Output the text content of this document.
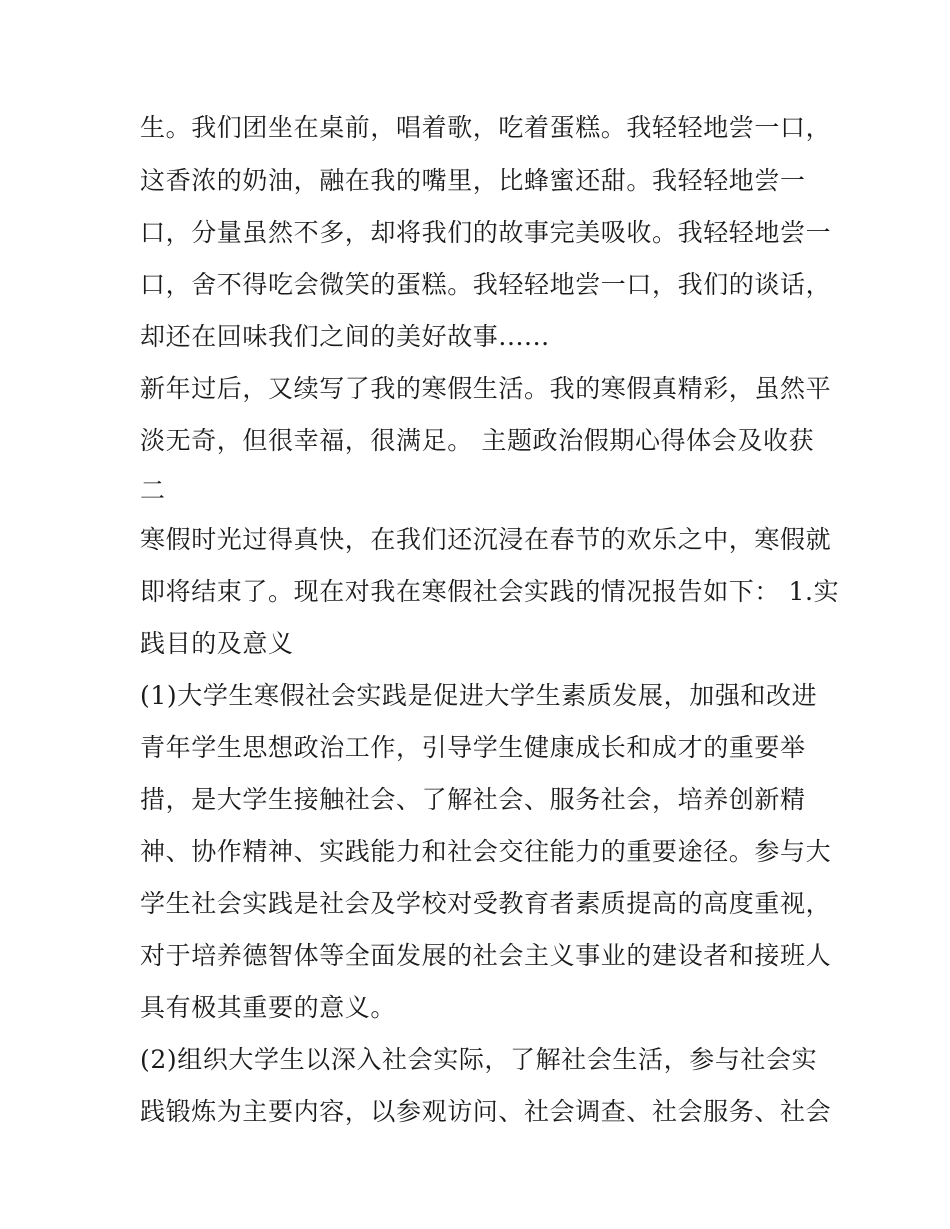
生。我们团坐在桌前，唱着歌，吃着蛋糕。我轻轻地尝一口，
这香浓的奶油，融在我的嘴里，比蜂蜜还甜。我轻轻地尝一
口，分量虽然不多，却将我们的故事完美吸收。我轻轻地尝一
口，舍不得吃会微笑的蛋糕。我轻轻地尝一口，我们的谈话，
却还在回味我们之间的美好故事......
新年过后，又续写了我的寒假生活。我的寒假真精彩，虽然平
淡无奇，但很幸福，很满足。 主题政治假期心得体会及收获
二
寒假时光过得真快，在我们还沉浸在春节的欢乐之中，寒假就
即将结束了。现在对我在寒假社会实践的情况报告如下： 1.实
践目的及意义
(1)大学生寒假社会实践是促进大学生素质发展，加强和改进
青年学生思想政治工作，引导学生健康成长和成才的重要举
措，是大学生接触社会、了解社会、服务社会，培养创新精
神、协作精神、实践能力和社会交往能力的重要途径。参与大
学生社会实践是社会及学校对受教育者素质提高的高度重视，
对于培养德智体等全面发展的社会主义事业的建设者和接班人
具有极其重要的意义。
(2)组织大学生以深入社会实际，了解社会生活，参与社会实
践锻炼为主要内容，以参观访问、社会调查、社会服务、社会
